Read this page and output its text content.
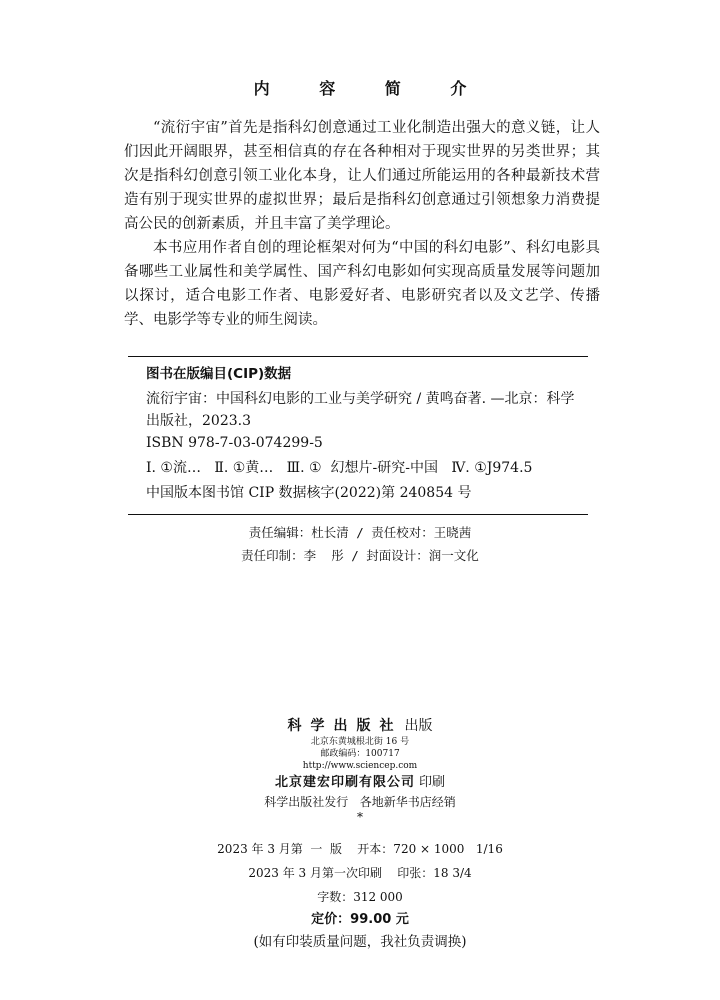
内 容 简 介

“流衍宇宙”首先是指科幻创意通过工业化制造出强大的意义链，让人们因此开阔眼界，甚至相信真的存在各种相对于现实世界的另类世界；其次是指科幻创意引领工业化本身，让人们通过所能运用的各种最新技术营造有别于现实世界的虚拟世界；最后是指科幻创意通过引领想象力消费提高公民的创新素质，并且丰富了美学理论。

本书应用作者自创的理论框架对何为“中国的科幻电影”、科幻电影具备哪些工业属性和美学属性、国产科幻电影如何实现高质量发展等问题加以探讨，适合电影工作者、电影爱好者、电影研究者以及文艺学、传播学、电影学等专业的师生阅读。

图书在版编目(CIP)数据
流衍宇宙：中国科幻电影的工业与美学研究 / 黄鸣奋著. —北京：科学出版社，2023.3
ISBN 978-7-03-074299-5
Ⅰ. ①流…   Ⅱ. ①黄…   Ⅲ. ①  幻想片-研究-中国   Ⅳ. ①J974.5
中国版本图书馆 CIP 数据核字(2022)第 240854 号
责任编辑：杜长清 / 责任校对：王晓茜
责任印制：李  彤 / 封面设计：润一文化
科学出版社 出版
北京东黄城根北街 16 号
邮政编码：100717
http://www.sciencep.com
北京建宏印刷有限公司 印刷
科学出版社发行   各地新华书店经销
*
2023 年 3 月第  一  版    开本：720 × 1000   1/16
2023 年 3 月第一次印刷    印张：18 3/4
字数：312 000
定价：99.00 元
(如有印装质量问题，我社负责调换)
